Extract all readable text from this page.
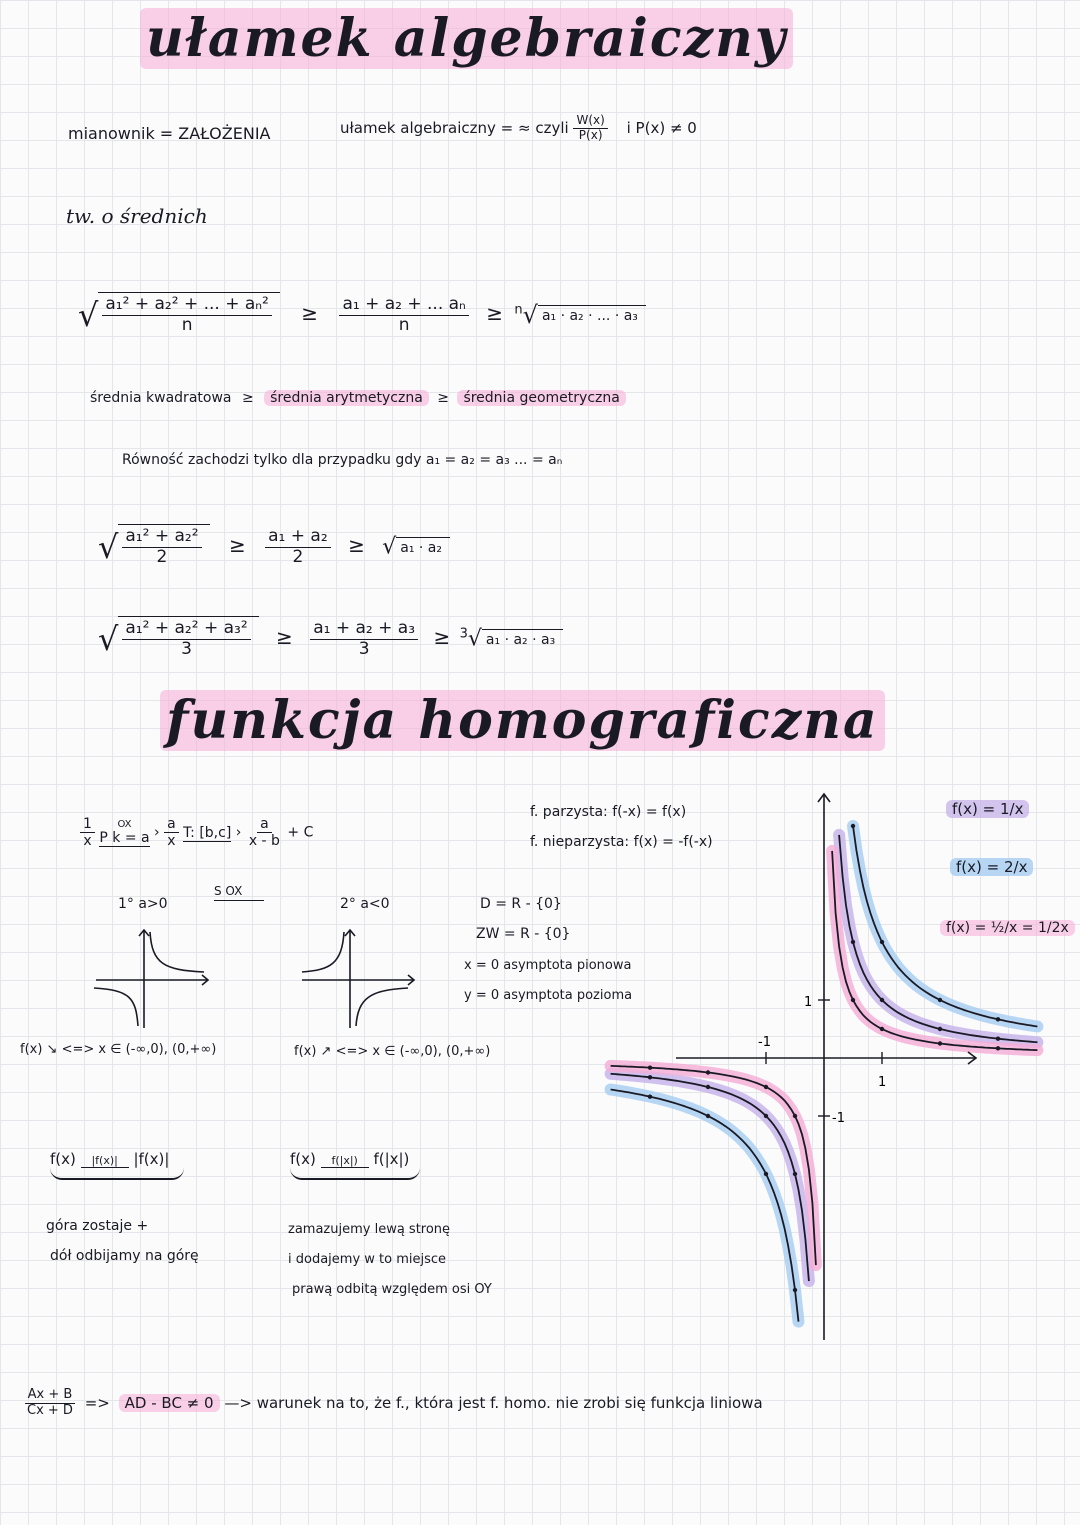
ułamek algebraiczny
mianownik = ZAŁOŻENIA	ułamek algebraiczny = ≈ czyli $\frac{W(x)}{P(x)}$ i P(x) ≠ 0
tw. o średnich
√ $\frac{\text{a₁² + a₂² + ... + aₙ²}}{n} \ge \frac{\text{a₁ + a₂ + ... aₙ}}{n} \ge ^n√$ a₁ · a₂ · ... · a₃
średnia kwadratowa ≥ średnia arytmetyczna ≥ średnia geometryczna
Równość zachodzi tylko dla przypadku gdy a₁ = a₂ = a₃ ... = aₙ
√ $\frac{\text{a₁² + a₂²}}{2} \ge \frac{\text{a₁ + a₂}}{2}$ ≥ √ a₁ · a₂
√ $\frac{\text{a₁² + a₂² + a₃²}}{3} \ge \frac{\text{a₁ + a₂ + a₃}}{3} \ge ^3√$ a₁ · a₂ · a₃
funkcja homograficzna
$\frac{1}{x}$
OX
P k = a › $\frac{a}{x} T$: [b,c] › $\frac{a}{x - b} + C$
f. parzysta: f(-x) = f(x)
f. nieparzysta: f(x) = -f(-x)
1° a>0
S OX
2° a<0	D = R - {0}
ZW = R - {0}
x = 0 asymptota pionowa
y = 0 asymptota pozioma
f(x) ↘ <=> x ∈ (-∞,0), (0,+∞)	f(x) ↗ <=> x ∈ (-∞,0), (0,+∞)
f(x) |f(x)| |f(x)|
góra zostaje +
dół odbijamy na górę
f(x) f(|x|) f(|x|)
zamazujemy lewą stronę
i dodajemy w to miejsce
prawą odbitą względem osi OY
f(x) = 1/x
f(x) = 2/x
f(x) = ½/x = 1/2x
1
-1
1
-1
$\frac{Ax + B}{Cx + D}$ => AD - BC ≠ 0 —> warunek na to, że f., która jest f. homo. nie zrobi się funkcja liniowa
